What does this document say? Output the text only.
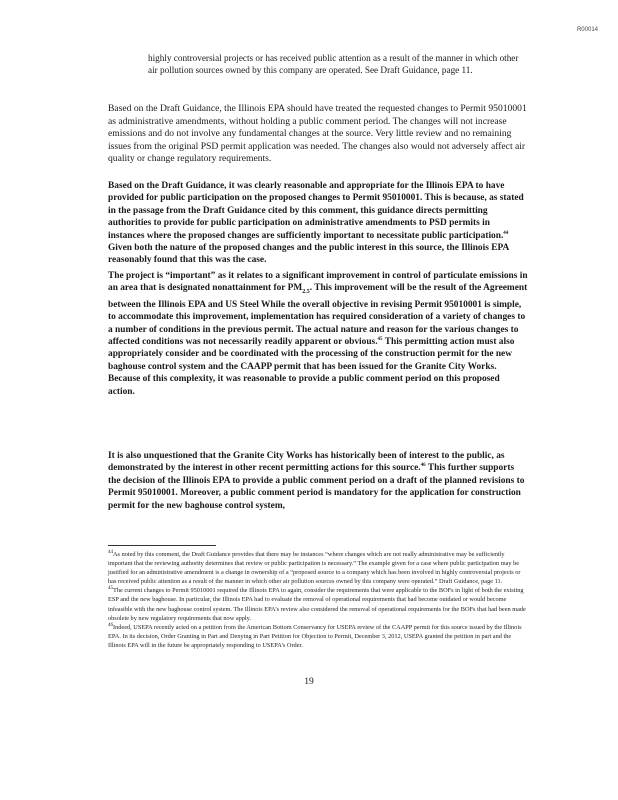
R00014

highly controversial projects or has received public attention as a result of the manner in which other air pollution sources owned by this company are operated. See Draft Guidance, page 11.

Based on the Draft Guidance, the Illinois EPA should have treated the requested changes to Permit 95010001 as administrative amendments, without holding a public comment period. The changes will not increase emissions and do not involve any fundamental changes at the source. Very little review and no remaining issues from the original PSD permit application was needed. The changes also would not adversely affect air quality or change regulatory requirements.

Based on the Draft Guidance, it was clearly reasonable and appropriate for the Illinois EPA to have provided for public participation on the proposed changes to Permit 95010001. This is because, as stated in the passage from the Draft Guidance cited by this comment, this guidance directs permitting authorities to provide for public participation on administrative amendments to PSD permits in instances where the proposed changes are sufficiently important to necessitate public participation.$^{44}$ Given both the nature of the proposed changes and the public interest in this source, the Illinois EPA reasonably found that this was the case.

The project is “important” as it relates to a significant improvement in control of particulate emissions in an area that is designated nonattainment for $PM_{2.5}$. This improvement will be the result of the Agreement between the Illinois EPA and US Steel While the overall objective in revising Permit 95010001 is simple, to accommodate this improvement, implementation has required consideration of a variety of changes to a number of conditions in the previous permit. The actual nature and reason for the various changes to affected conditions was not necessarily readily apparent or obvious.$^{45}$ This permitting action must also appropriately consider and be coordinated with the processing of the construction permit for the new baghouse control system and the CAAPP permit that has been issued for the Granite City Works. Because of this complexity, it was reasonable to provide a public comment period on this proposed action.

It is also unquestioned that the Granite City Works has historically been of interest to the public, as demonstrated by the interest in other recent permitting actions for this source.$^{46}$ This further supports the decision of the Illinois EPA to provide a public comment period on a draft of the planned revisions to Permit 95010001. Moreover, a public comment period is mandatory for the application for construction permit for the new baghouse control system,

$^{44}$As noted by this comment, the Draft Guidance provides that there may be instances “where changes which are not really administrative may be sufficiently important that the reviewing authority determines that review or public participation is necessary.” The example given for a case where public participation may be justified for an administrative amendment is a change in ownership of a “proposed source to a company which has been involved in highly controversial projects or has received public attention as a result of the manner in which other air pollution sources owned by this company were operated.” Draft Guidance, page 11.

$^{45}$The current changes to Permit 95010001 required the Illinois EPA to again, consider the requirements that were applicable to the BOFs in light of both the existing ESP and the new baghouse. In particular, the Illinois EPA had to evaluate the removal of operational requirements that had become outdated or would become infeasible with the new baghouse control system. The Illinois EPA's review also considered the removal of operational requirements for the BOFs that had been made obsolete by new regulatory requirements that now apply.

$^{46}$Indeed, USEPA recently acted on a petition from the American Bottom Conservancy for USEPA review of the CAAPP permit for this source issued by the Illinois EPA. In its decision, Order Granting in Part and Denying in Part Petition for Objection to Permit, December 3, 2012, USEPA granted the petition in part and the Illinois EPA will in the future be appropriately responding to USEPA's Order.

19
